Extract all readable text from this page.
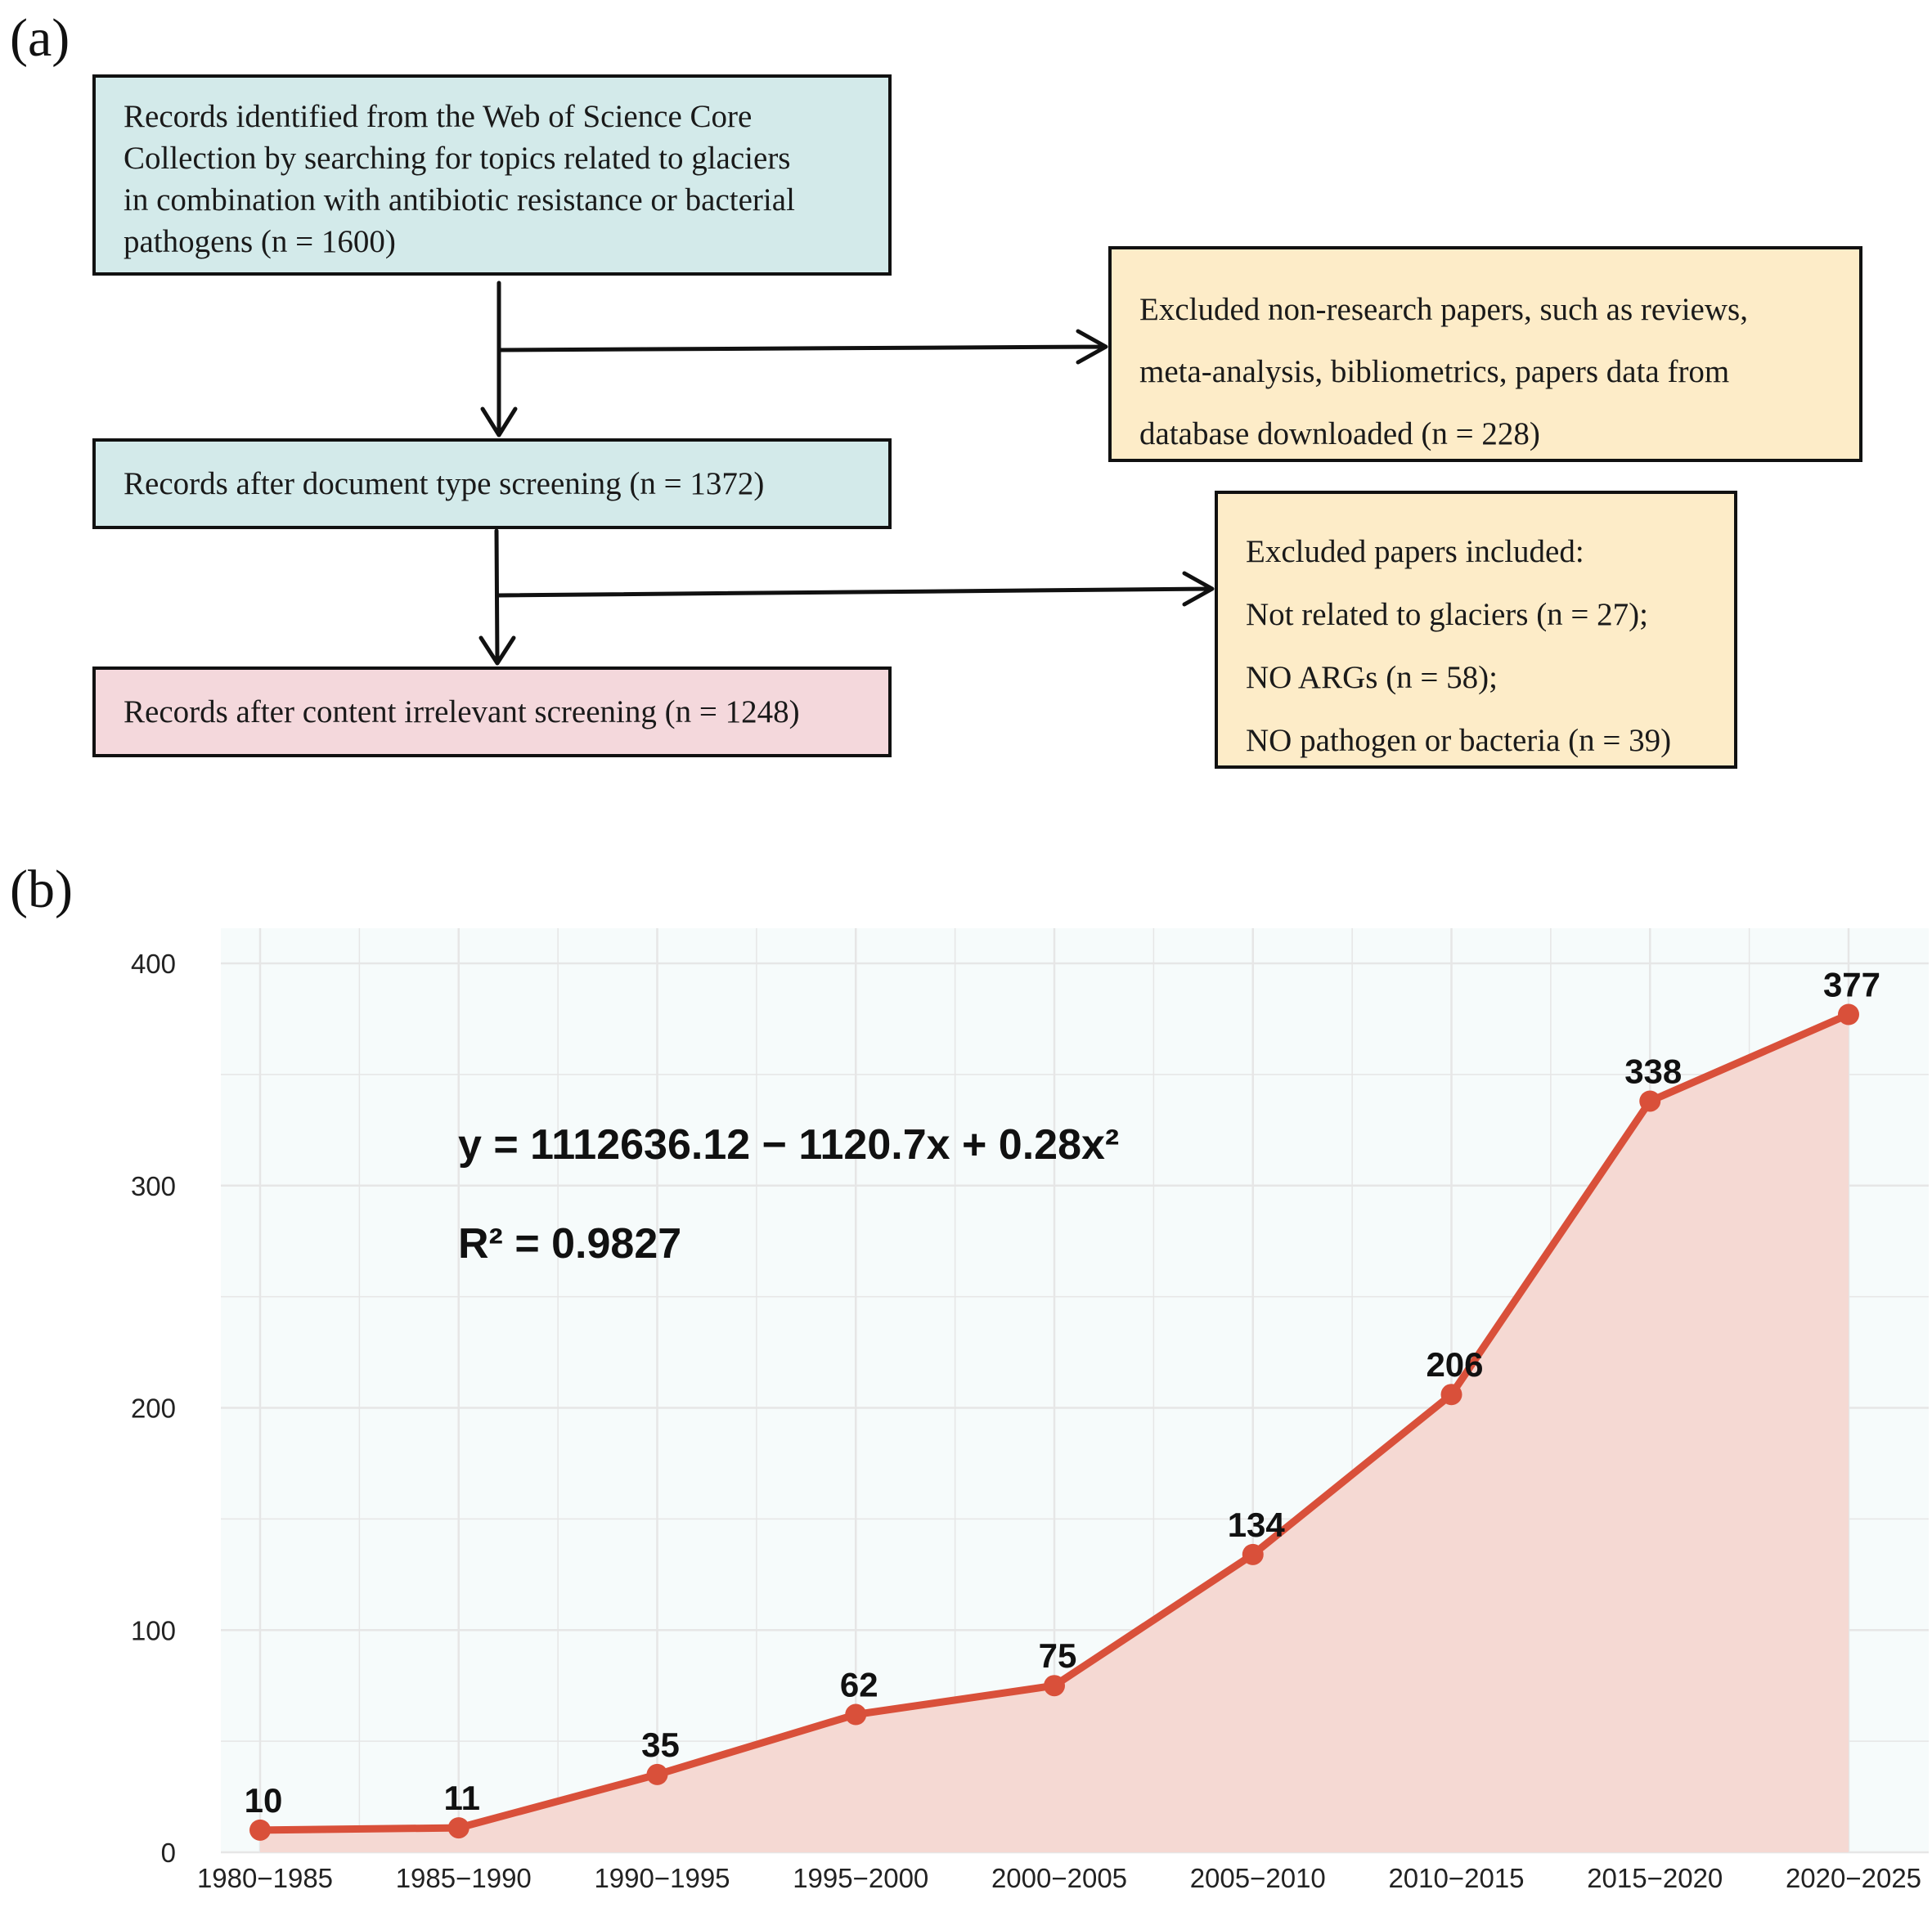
(a)
Records identified from the Web of Science Core
Collection by searching for topics related to glaciers
in combination with antibiotic resistance or bacterial
pathogens (n = 1600)
Records after document type screening (n = 1372)
Records after content irrelevant screening (n = 1248)
Excluded non-research papers, such as reviews,
meta-analysis, bibliometrics, papers data from
database downloaded (n = 228)
Excluded papers included:
Not related to glaciers (n = 27);
NO ARGs (n = 58);
NO pathogen or bacteria (n = 39)
(b)
10	11
35
62
75
134
206
338
377
0
100
200
300
400
1980−1985 1985−1990 1990−1995 1995−2000 2000−2005 2005−2010 2010−2015 2015−2020 2020−2025
y = 1112636.12 − 1120.7x + 0.28x²
R² = 0.9827
